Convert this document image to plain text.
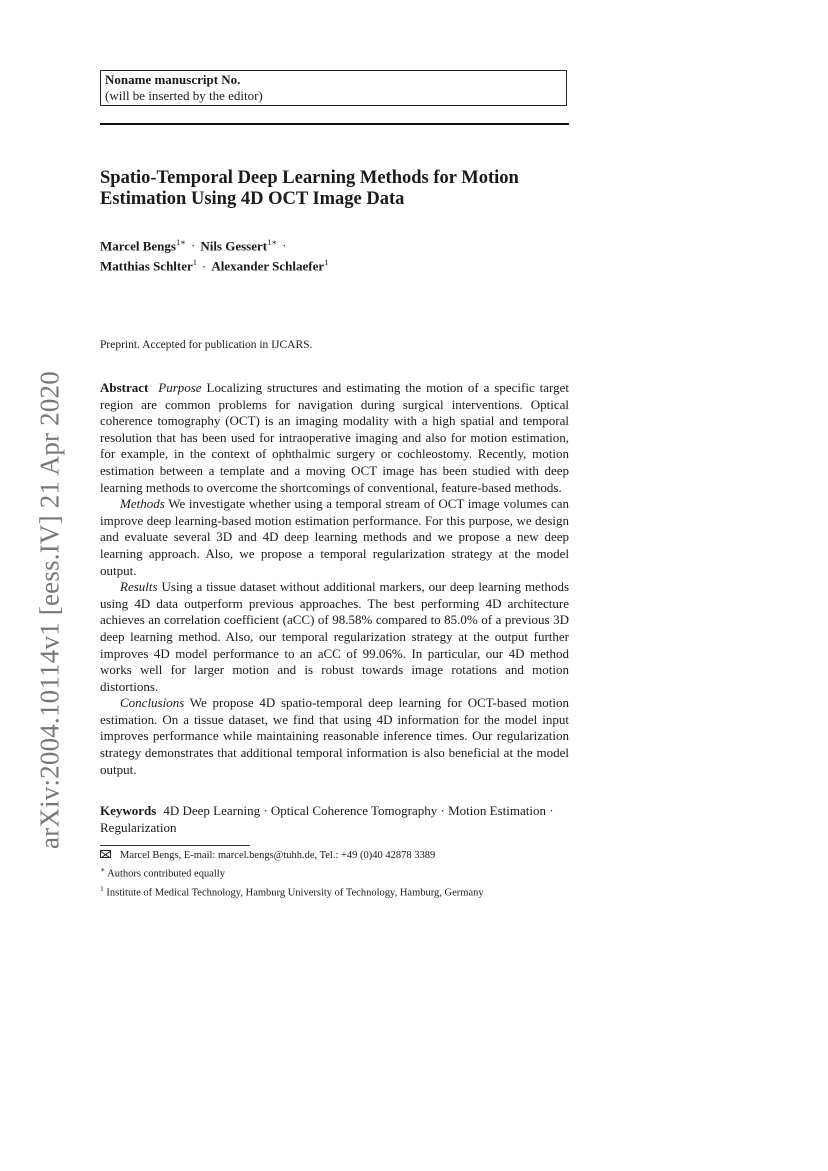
arXiv:2004.10114v1 [eess.IV] 21 Apr 2020
Noname manuscript No.
(will be inserted by the editor)
Spatio-Temporal Deep Learning Methods for Motion
Estimation Using 4D OCT Image Data
Marcel Bengs$^{1∗}$ · Nils Gessert$^{1∗}$ ·
Matthias Schlter$^1$ · Alexander Schlaefer$^1$
Preprint. Accepted for publication in IJCARS.

Abstract Purpose Localizing structures and estimating the motion of a specific target region are common problems for navigation during surgical interventions. Optical coherence tomography (OCT) is an imaging modality with a high spatial and temporal resolution that has been used for intraoperative imaging and also for motion estimation, for example, in the context of ophthalmic surgery or cochleostomy. Recently, motion estimation between a template and a moving OCT image has been studied with deep learning methods to overcome the shortcomings of conventional, feature-based methods.

Methods We investigate whether using a temporal stream of OCT image volumes can improve deep learning-based motion estimation performance. For this purpose, we design and evaluate several 3D and 4D deep learning methods and we propose a new deep learning approach. Also, we propose a temporal regularization strategy at the model output.

Results Using a tissue dataset without additional markers, our deep learning methods using 4D data outperform previous approaches. The best performing 4D architecture achieves an correlation coefficient (aCC) of 98.58% compared to 85.0% of a previous 3D deep learning method. Also, our temporal regularization strategy at the output further improves 4D model performance to an aCC of 99.06%. In particular, our 4D method works well for larger motion and is robust towards image rotations and motion distortions.

Conclusions We propose 4D spatio-temporal deep learning for OCT-based motion estimation. On a tissue dataset, we find that using 4D information for the model input improves performance while maintaining reasonable inference times. Our regularization strategy demonstrates that additional temporal information is also beneficial at the model output.

Keywords 4D Deep Learning · Optical Coherence Tomography · Motion Estimation · Regularization
Marcel Bengs, E-mail: marcel.bengs@tuhh.de, Tel.: +49 (0)40 42878 3389
∗ Authors contributed equally
$^1$ Institute of Medical Technology, Hamburg University of Technology, Hamburg, Germany
